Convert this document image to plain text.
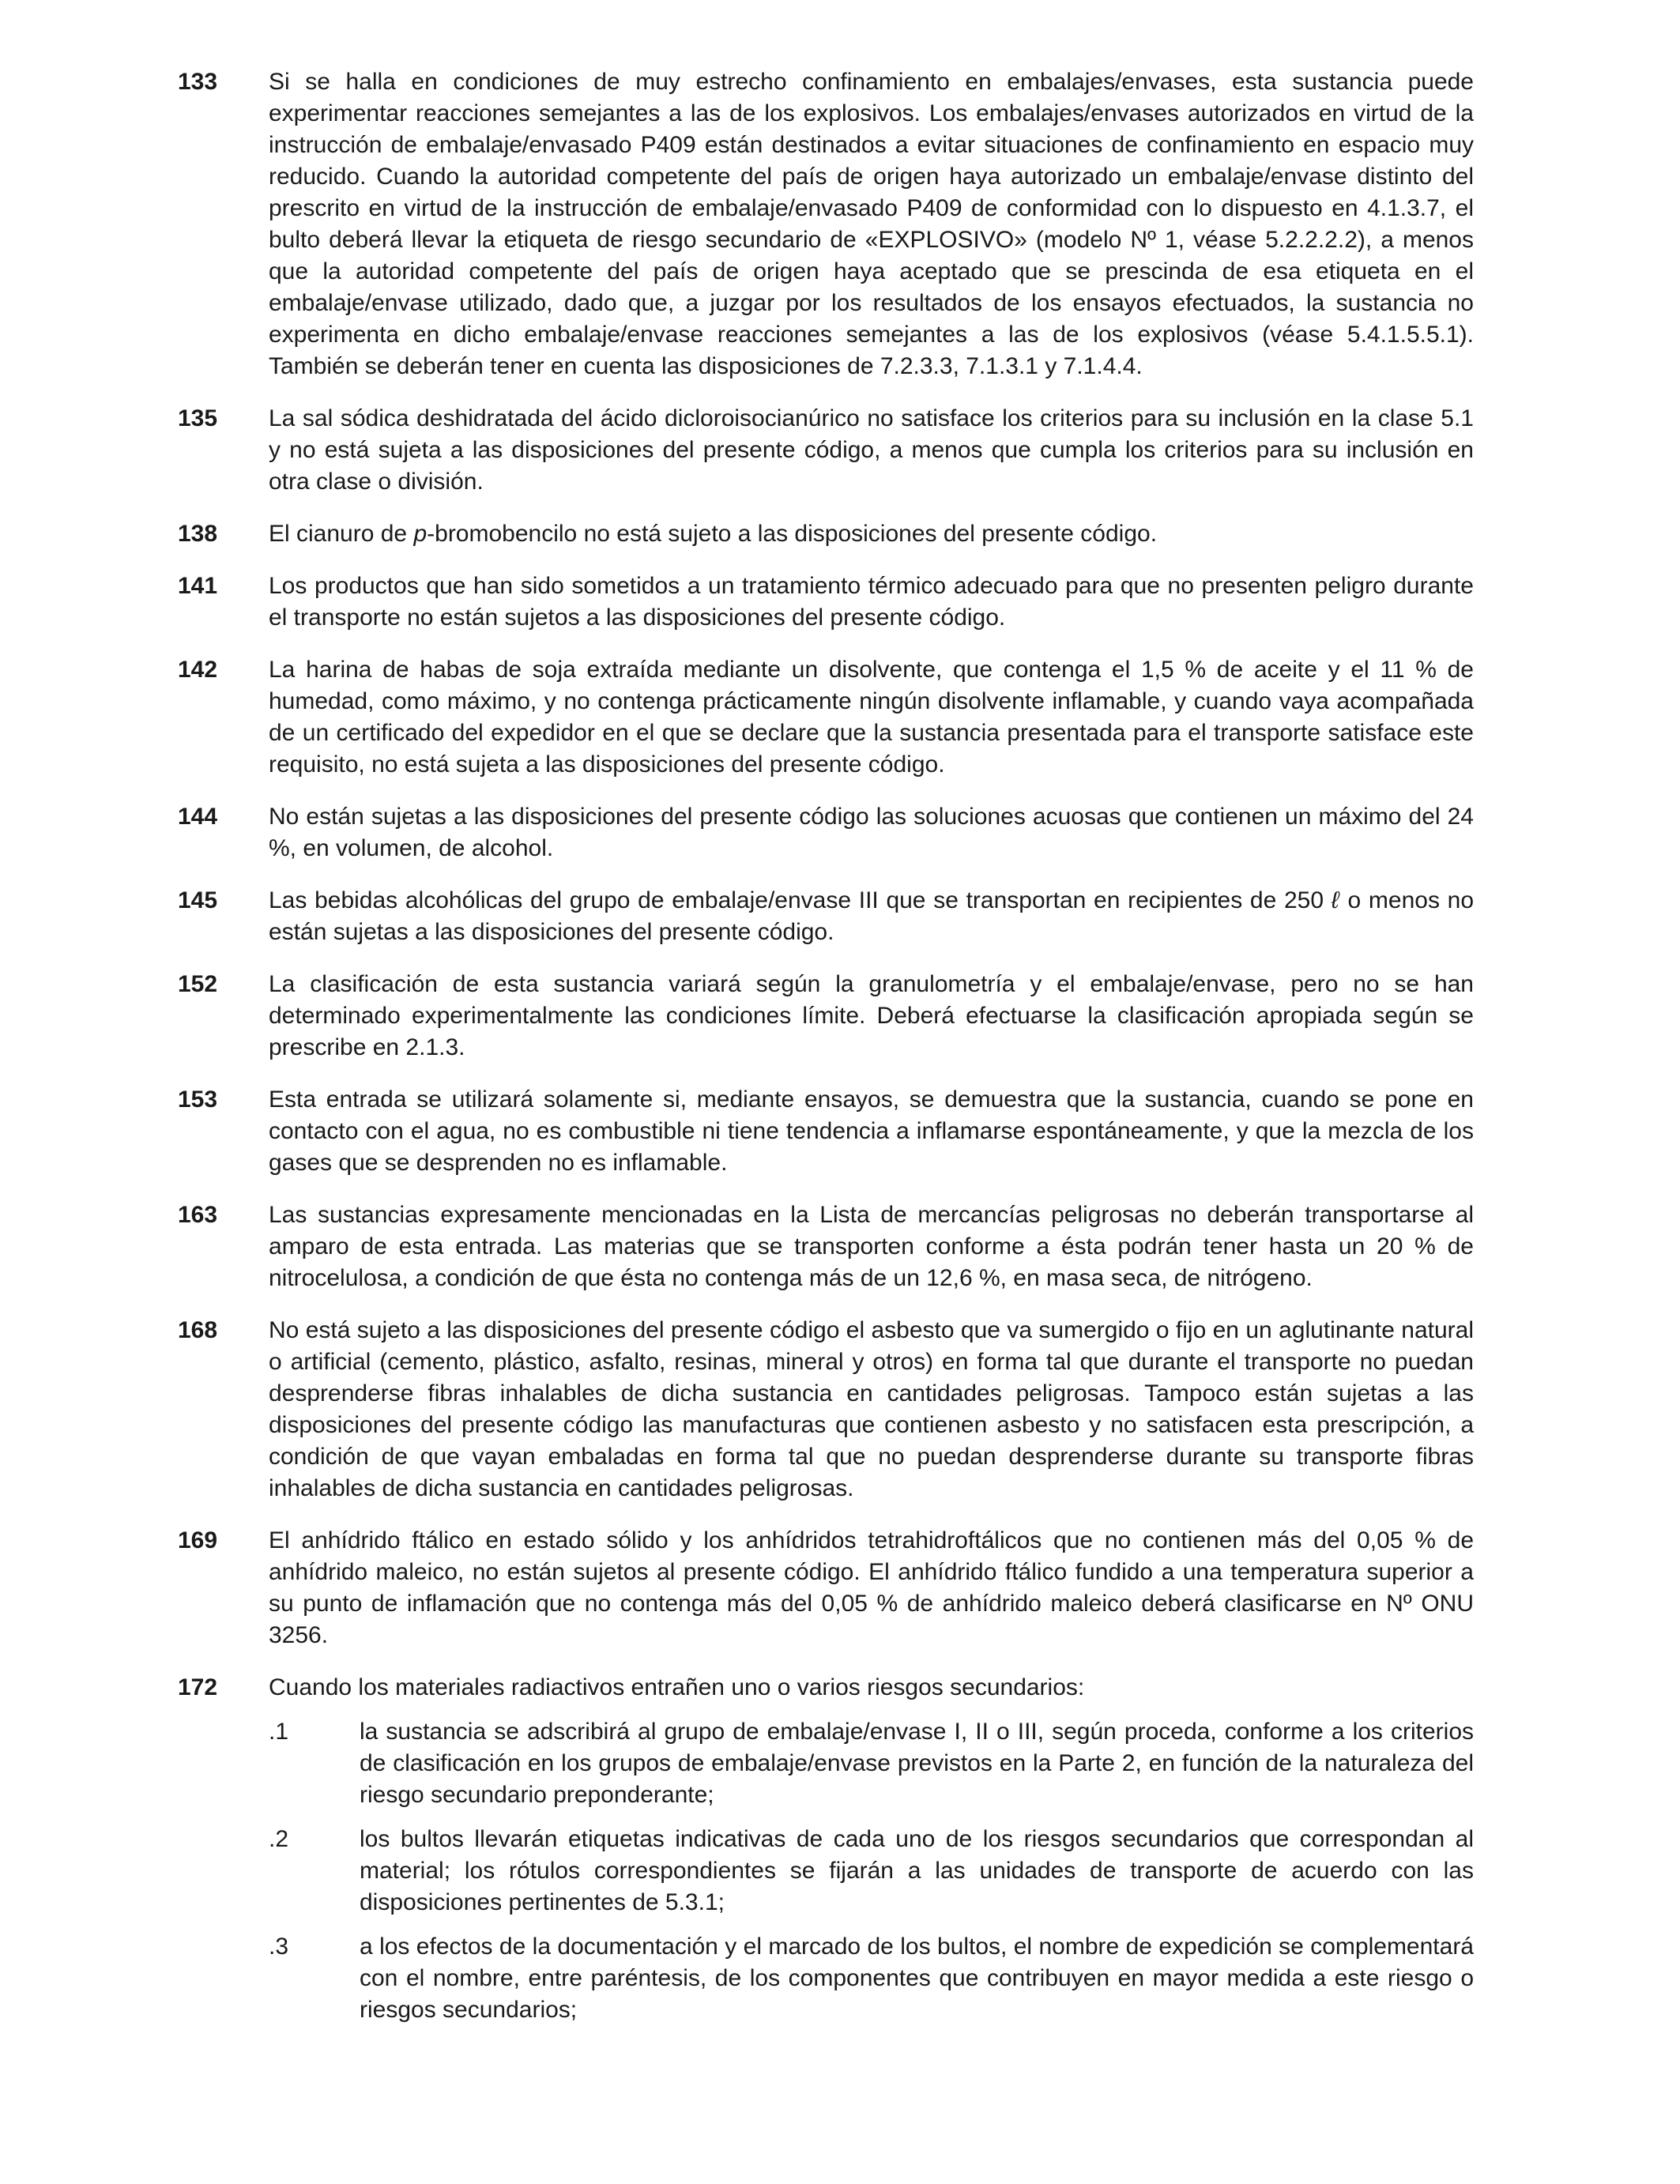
133	Si se halla en condiciones de muy estrecho confinamiento en embalajes/envases, esta sustancia puede experimentar reacciones semejantes a las de los explosivos. Los embalajes/envases autorizados en virtud de la instrucción de embalaje/envasado P409 están destinados a evitar situaciones de confinamiento en espacio muy reducido. Cuando la autoridad competente del país de origen haya autorizado un embalaje/envase distinto del prescrito en virtud de la instrucción de embalaje/envasado P409 de conformidad con lo dispuesto en 4.1.3.7, el bulto deberá llevar la etiqueta de riesgo secundario de «EXPLOSIVO» (modelo Nº 1, véase 5.2.2.2.2), a menos que la autoridad competente del país de origen haya aceptado que se prescinda de esa etiqueta en el embalaje/envase utilizado, dado que, a juzgar por los resultados de los ensayos efectuados, la sustancia no experimenta en dicho embalaje/envase reacciones semejantes a las de los explosivos (véase 5.4.1.5.5.1). También se deberán tener en cuenta las disposiciones de 7.2.3.3, 7.1.3.1 y 7.1.4.4.

135	La sal sódica deshidratada del ácido dicloroisocianúrico no satisface los criterios para su inclusión en la clase 5.1 y no está sujeta a las disposiciones del presente código, a menos que cumpla los criterios para su inclusión en otra clase o división.

138	El cianuro de p-bromobencilo no está sujeto a las disposiciones del presente código.

141	Los productos que han sido sometidos a un tratamiento térmico adecuado para que no presenten peligro durante el transporte no están sujetos a las disposiciones del presente código.

142	La harina de habas de soja extraída mediante un disolvente, que contenga el 1,5 % de aceite y el 11 % de humedad, como máximo, y no contenga prácticamente ningún disolvente inflamable, y cuando vaya acompañada de un certificado del expedidor en el que se declare que la sustancia presentada para el transporte satisface este requisito, no está sujeta a las disposiciones del presente código.

144	No están sujetas a las disposiciones del presente código las soluciones acuosas que contienen un máximo del 24 %, en volumen, de alcohol.

145	Las bebidas alcohólicas del grupo de embalaje/envase III que se transportan en recipientes de 250 ℓ o menos no están sujetas a las disposiciones del presente código.

152	La clasificación de esta sustancia variará según la granulometría y el embalaje/envase, pero no se han determinado experimentalmente las condiciones límite. Deberá efectuarse la clasificación apropiada según se prescribe en 2.1.3.

153	Esta entrada se utilizará solamente si, mediante ensayos, se demuestra que la sustancia, cuando se pone en contacto con el agua, no es combustible ni tiene tendencia a inflamarse espontáneamente, y que la mezcla de los gases que se desprenden no es inflamable.

163	Las sustancias expresamente mencionadas en la Lista de mercancías peligrosas no deberán transportarse al amparo de esta entrada. Las materias que se transporten conforme a ésta podrán tener hasta un 20 % de nitrocelulosa, a condición de que ésta no contenga más de un 12,6 %, en masa seca, de nitrógeno.

168	No está sujeto a las disposiciones del presente código el asbesto que va sumergido o fijo en un aglutinante natural o artificial (cemento, plástico, asfalto, resinas, mineral y otros) en forma tal que durante el transporte no puedan desprenderse fibras inhalables de dicha sustancia en cantidades peligrosas. Tampoco están sujetas a las disposiciones del presente código las manufacturas que contienen asbesto y no satisfacen esta prescripción, a condición de que vayan embaladas en forma tal que no puedan desprenderse durante su transporte fibras inhalables de dicha sustancia en cantidades peligrosas.

169	El anhídrido ftálico en estado sólido y los anhídridos tetrahidroftálicos que no contienen más del 0,05 % de anhídrido maleico, no están sujetos al presente código. El anhídrido ftálico fundido a una temperatura superior a su punto de inflamación que no contenga más del 0,05 % de anhídrido maleico deberá clasificarse en Nº ONU 3256.

172	Cuando los materiales radiactivos entrañen uno o varios riesgos secundarios:

.1	la sustancia se adscribirá al grupo de embalaje/envase I, II o III, según proceda, conforme a los criterios de clasificación en los grupos de embalaje/envase previstos en la Parte 2, en función de la naturaleza del riesgo secundario preponderante;

.2	los bultos llevarán etiquetas indicativas de cada uno de los riesgos secundarios que correspondan al material; los rótulos correspondientes se fijarán a las unidades de transporte de acuerdo con las disposiciones pertinentes de 5.3.1;

.3	a los efectos de la documentación y el marcado de los bultos, el nombre de expedición se complementará con el nombre, entre paréntesis, de los componentes que contribuyen en mayor medida a este riesgo o riesgos secundarios;
